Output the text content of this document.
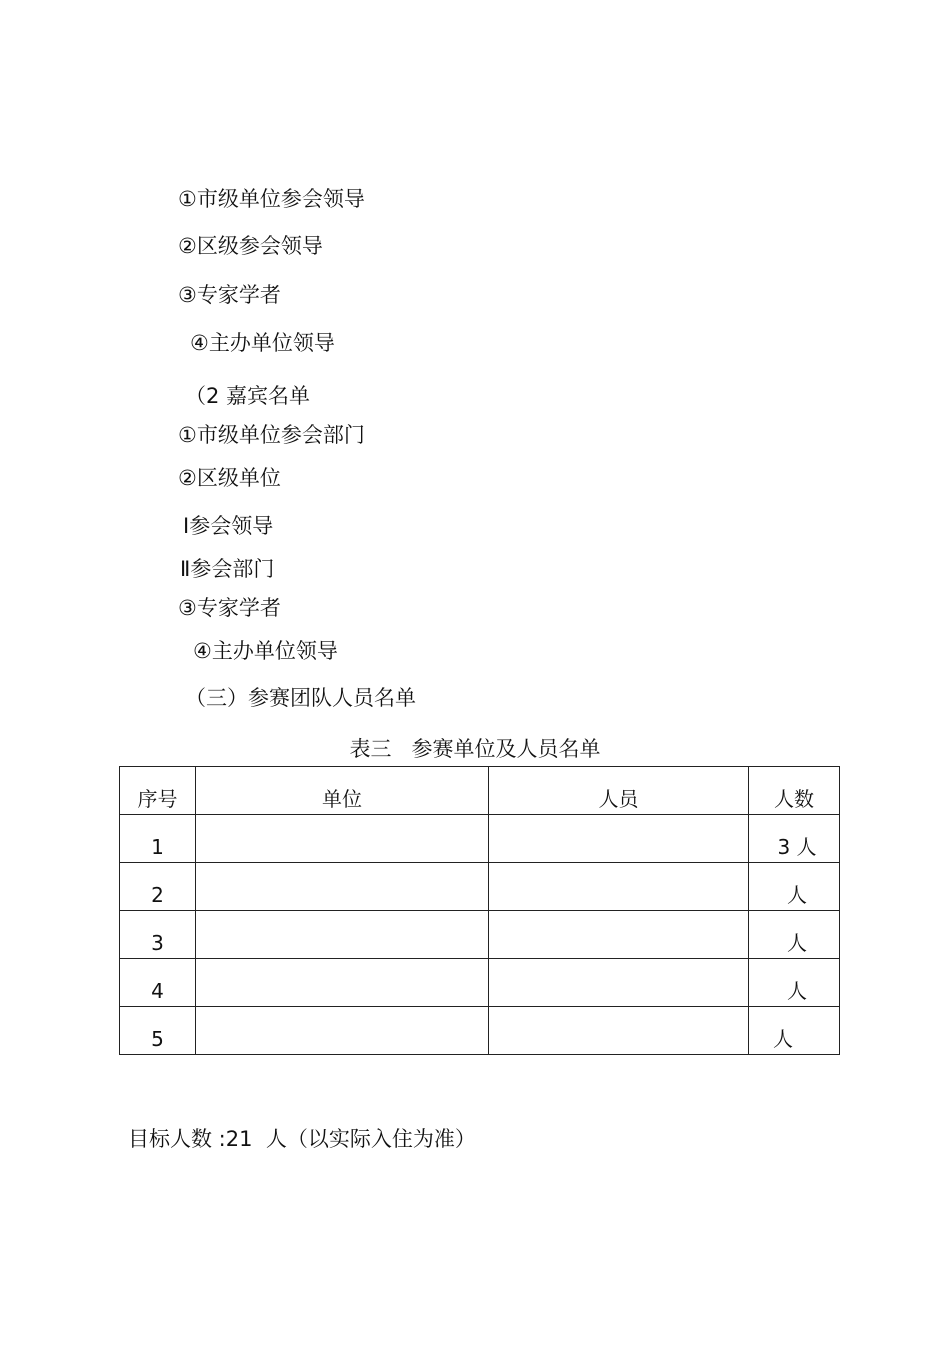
①市级单位参会领导
②区级参会领导
③专家学者
④主办单位领导
（2 嘉宾名单
①市级单位参会部门
②区级单位
Ⅰ参会领导
Ⅱ参会部门
③专家学者
④主办单位领导
（三）参赛团队人员名单
表三   参赛单位及人员名单
序号	单位	人员	人数

1			3 人

2			人

3			人

4			人

5			人
目标人数 :21  人（以实际入住为准）
